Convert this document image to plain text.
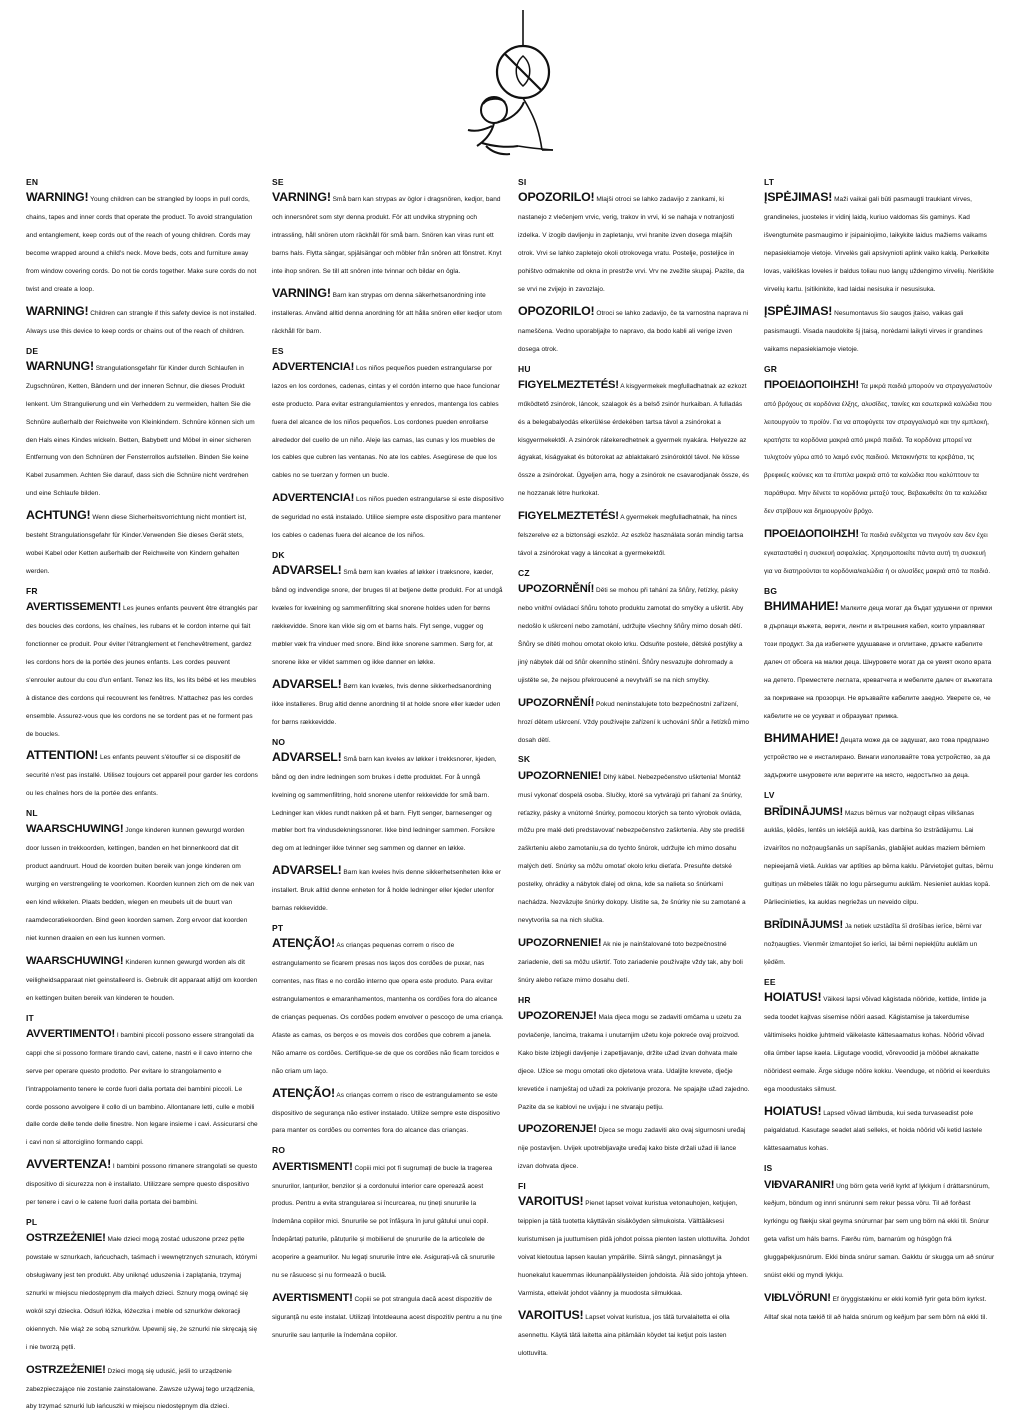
EN
WARNING! Young children can be strangled by loops in pull cords, chains, tapes and inner cords that operate the product. To avoid strangulation and entanglement, keep cords out of the reach of young children. Cords may become wrapped around a child's neck. Move beds, cots and furniture away from window covering cords. Do not tie cords together. Make sure cords do not twist and create a loop.
WARNING! Children can strangle if this safety device is not installed. Always use this device to keep cords or chains out of the reach of children.
DE
WARNUNG! Strangulationsgefahr für Kinder durch Schlaufen in Zugschnüren, Ketten, Bändern und der inneren Schnur, die dieses Produkt lenkent. Um Strangulierung und ein Verheddern zu vermeiden, halten Sie die Schnüre außerhalb der Reichweite von Kleinkindern. Schnüre können sich um den Hals eines Kindes wickeln. Betten, Babybett und Möbel in einer sicheren Entfernung von den Schnüren der Fensterrollos aufstellen. Binden Sie keine Kabel zusammen. Achten Sie darauf, dass sich die Schnüre nicht verdrehen und eine Schlaufe bilden.
ACHTUNG! Wenn diese Sicherheitsvorrichtung nicht montiert ist, besteht Strangulationsgefahr für Kinder.Verwenden Sie dieses Gerät stets, wobei Kabel oder Ketten außerhalb der Reichweite von Kindern gehalten werden.
FR
AVERTISSEMENT! Les jeunes enfants peuvent être étranglés par des boucles des cordons, les chaînes, les rubans et le cordon interne qui fait fonctionner ce produit. Pour éviter l'étranglement et l'enchevêtrement, gardez les cordons hors de la portée des jeunes enfants. Les cordes peuvent s'enrouler autour du cou d'un enfant. Tenez les lits, les lits bébé et les meubles à distance des cordons qui recouvrent les fenêtres. N'attachez pas les cordes ensemble. Assurez-vous que les cordons ne se tordent pas et ne forment pas de boucles.
ATTENTION! Les enfants peuvent s'étouffer si ce dispositif de securité n'est pas installé. Utilisez toujours cet appareil pour garder les cordons ou les chaînes hors de la portée des enfants.
NL
WAARSCHUWING! Jonge kinderen kunnen gewurgd worden door lussen in trekkoorden, kettingen, banden en het binnenkoord dat dit product aandruurt. Houd de koorden buiten bereik van jonge kinderen om wurging en verstrengeling te voorkomen. Koorden kunnen zich om de nek van een kind wikkelen. Plaats bedden, wiegen en meubels uit de buurt van raamdecoratiekoorden. Bind geen koorden samen. Zorg ervoor dat koorden niet kunnen draaien en een lus kunnen vormen.
WAARSCHUWING! Kinderen kunnen gewurgd worden als dit veiligheidsapparaat niet geinstalleerd is. Gebruik dit apparaat altijd om koorden en kettingen buiten bereik van kinderen te houden.
IT
AVVERTIMENTO! I bambini piccoli possono essere strangolati da cappi che si possono formare tirando cavi, catene, nastri e il cavo interno che serve per operare questo prodotto. Per evitare lo strangolamento e l'intrappolamento tenere le corde fuori dalla portata dei bambini piccoli. Le corde possono avvolgere il collo di un bambino. Allontanare letti, culle e mobili dalle corde delle tende delle finestre. Non legare insieme i cavi. Assicurarsi che i cavi non si attorciglino formando cappi.
AVVERTENZA! I bambini possono rimanere strangolati se questo dispositivo di sicurezza non è installato. Utilizzare sempre questo dispositivo per tenere i cavi o le catene fuori dalla portata dei bambini.
PL
OSTRZEŻENIE! Małe dzieci mogą zostać uduszone przez pętle powstałe w sznurkach, łańcuchach, taśmach i wewnętrznych sznurach, którymi obsługiwany jest ten produkt. Aby uniknąć uduszenia i zaplątania, trzymaj sznurki w miejscu niedostępnym dla małych dzieci. Sznury mogą owinąć się wokół szyi dziecka. Odsuń łóżka, łóżeczka i meble od sznurków dekoracji okiennych. Nie wiąż ze sobą sznurków. Upewnij się, że sznurki nie skręcają się i nie tworzą pętli.
OSTRZEŻENIE! Dzieci mogą się udusić, jeśli to urządzenie zabezpieczające nie zostanie zainstalowane. Zawsze używaj tego urządzenia, aby trzymać sznurki lub łańcuszki w miejscu niedostępnym dla dzieci.
SE
VARNING! Små barn kan strypas av öglor i dragsnören, kedjor, band och innersnöret som styr denna produkt. För att undvika strypning och intrassling, håll snören utom räckhåll för små barn. Snören kan viras runt ett barns hals. Flytta sängar, spjälsängar och möbler från snören att fönstret. Knyt inte ihop snören. Se till att snören inte tvinnar och bildar en ögla.
VARNING! Barn kan strypas om denna säkerhetsanordning inte installeras. Använd alltid denna anordning för att hålla snören eller kedjor utom räckhåll för barn.
ES
ADVERTENCIA! Los niños pequeños pueden estrangularse por lazos en los cordones, cadenas, cintas y el cordón interno que hace funcionar este producto. Para evitar estrangulamientos y enredos, mantenga los cables fuera del alcance de los niños pequeños. Los cordones pueden enrollarse alrededor del cuello de un niño. Aleje las camas, las cunas y los muebles de los cables que cubren las ventanas. No ate los cables. Asegúrese de que los cables no se tuerzan y formen un bucle.
ADVERTENCIA! Los niños pueden estrangularse si este dispositivo de seguridad no está instalado. Utilice siempre este dispositivo para mantener los cables o cadenas fuera del alcance de los niños.
DK
ADVARSEL! Små børn kan kvæles af løkker i træksnore, kæder, bånd og indvendige snore, der bruges til at betjene dette produkt. For at undgå kvæles for kvælning og sammenfiltring skal snorene holdes uden for børns rækkevidde. Snore kan vikle sig om et barns hals. Flyt senge, vugger og møbler væk fra vinduer med snore. Bind ikke snorene sammen. Sørg for, at snorene ikke er viklet sammen og ikke danner en løkke.
ADVARSEL! Børn kan kvæles, hvis denne sikkerhedsanordning ikke installeres. Brug altid denne anordning til at holde snore eller kæder uden for børns rækkevidde.
NO
ADVARSEL! Små barn kan kveles av løkker i trekksnorer, kjeden, bånd og den indre ledningen som brukes i dette produktet. For å unngå kvelning og sammenfiltring, hold snorene utenfor rekkevidde for små barn. Ledninger kan vikles rundt nakken på et barn. Flytt senger, barnesenger og møbler bort fra vindusdekningssnorer. Ikke bind ledninger sammen. Forsikre deg om at ledninger ikke tvinner seg sammen og danner en løkke.
ADVARSEL! Barn kan kveles hvis denne sikkerhetsenheten ikke er installert. Bruk alltid denne enheten for å holde ledninger eller kjeder utenfor barnas rekkevidde.
PT
ATENÇÃO! As crianças pequenas correm o risco de estrangulamento se ficarem presas nos laços dos cordões de puxar, nas correntes, nas fitas e no cordão interno que opera este produto. Para evitar estrangulamentos e emaranhamentos, mantenha os cordões fora do alcance de crianças pequenas. Os cordões podem envolver o pescoço de uma criança. Afaste as camas, os berços e os moveis dos cordões que cobrem a janela. Não amarre os cordões. Certifique-se de que os cordões não ficam torcidos e não criam um laço.
ATENÇÃO! As crianças correm o risco de estrangulamento se este dispositivo de segurança não estiver instalado. Utilize sempre este dispositivo para manter os cordões ou correntes fora do alcance das crianças.
RO
AVERTISMENT! Copiii mici pot fi sugrumați de bucle la tragerea snururilor, lanțurilor, benzilor și a cordonului interior care operează acest produs. Pentru a evita strangularea si încurcarea, nu țineți snururile la îndemâna copiilor mici. Snururile se pot înfășura în jurul gâtului unui copil. Îndepărtați paturile, pătuțurile și mobilierul de șnururile de la articolele de acoperire a geamurilor. Nu legați snururile între ele. Asigurați-vă că snururile nu se răsucesc și nu formează o buclă.
AVERTISMENT! Copiii se pot strangula dacă acest dispozitiv de siguranță nu este instalat. Utilizați întotdeauna acest dispozitiv pentru a nu ține snururile sau lanțurile la îndemâna copiilor.
SI
OPOZORILO! Mlajši otroci se lahko zadavijo z zankami, ki nastanejo z vlečenjem vrvic, verig, trakov in vrvi, ki se nahaja v notranjosti izdelka. V izogib davljenju in zapletanju, vrvi hranite izven dosega mlajših otrok. Vrvi se lahko zapletejo okoli otrokovega vratu. Postelje, posteljice in pohištvo odmaknite od okna in prestrže vrvi. Vrv ne zvežite skupaj. Pazite, da se vrvi ne zvijejo in zavozlajo.
OPOZORILO! Otroci se lahko zadavijo, če ta varnostna naprava ni nameščena. Vedno uporabljajte to napravo, da bodo kabli ali verige izven dosega otrok.
HU
FIGYELMEZTETÉS! A kisgyermekek megfulladhatnak az ezkozt működtető zsinórok, láncok, szalagok és a belső zsinór hurkaiban. A fulladás és a belegabalyodás elkerülése érdekében tartsa távol a zsinórokat a kisgyermekektől. A zsinórok rátekeredhetnek a gyermek nyakára. Helyezze az ágyakat, kiságyakat és bútorokat az ablaktakaró zsinóroktól távol. Ne kösse össze a zsinórokat. Ügyeljen arra, hogy a zsinórok ne csavarodjanak össze, és ne hozzanak létre hurkokat.
FIGYELMEZTETÉS! A gyermekek megfulladhatnak, ha nincs felszerelve ez a biztonsági eszköz. Az eszköz használata során mindig tartsa távol a zsinórokat vagy a láncokat a gyermekektől.
CZ
UPOZORNĚNÍ! Děti se mohou při tahání za šňůry, řetízky, pásky nebo vnitřní ovládací šňůru tohoto produktu zamotat do smyčky a uškrtit. Aby nedošlo k uškrcení nebo zamotání, udržujte všechny šňůry mimo dosah dětí. Šňůry se dítěti mohou omotat okolo krku. Odsuňte postele, dětské postýlky a jiný nábytek dál od šňůr okenního stínění. Šňůry nesvazujte dohromady a ujistěte se, že nejsou překroucené a nevytváří se na nich smyčky.
UPOZORNĚNÍ! Pokud neninstalujete toto bezpečnostní zařízení, hrozí dětem uškrcení. Vždy používejte zařízení k uchování šňůr a řetízků mimo dosah dětí.
SK
UPOZORNENIE! Dlhý kábel. Nebezpečenstvo uškrtenia! Montáž musí vykonať dospelá osoba. Slučky, ktoré sa vytvárajú pri ťahaní za šnúrky, reťazky, pásky a vnútorné šnúrky, pomocou ktorých sa tento výrobok ovláda, môžu pre malé deti predstavovať nebezpečenstvo zaškrtenia. Aby ste predišli zaškrteniu alebo zamotaniu,sa do tychto šnúrok, udržujte ich mimo dosahu malých detí. Snúrky sa môžu omotať okolo krku dieťaťa. Presuňte detské postelky, ohrádky a nábytok ďalej od okna, kde sa nalieta so šnúrkami nachádza. Nezväzujte šnúrky dokopy. Uistite sa, že šnúrky nie su zamotané a nevytvorila sa na nich slučka.
UPOZORNENIE! Ak nie je nainštalované toto bezpečnostné zariadenie, deti sa môžu uškrtiť. Toto zariadenie používajte vždy tak, aby boli šnúry alebo reťaze mimo dosahu detí.
HR
UPOZORENJE! Mala djeca mogu se zadaviti omčama u uzetu za povlačenje, lancima, trakama i unutarnjim užetu koje pokreće ovaj proizvod. Kako biste izbjegli davljenje i zapetljavanje, držite užad izvan dohvata male djece. Užice se mogu omotati oko djetetova vrata. Udaljite krevete, dječje krevetiće i namještaj od užadi za pokrivanje prozora. Ne spajajte užad zajedno. Pazite da se kablovi ne uvijaju i ne stvaraju petlju.
UPOZORENJE! Djeca se mogu zadaviti ako ovaj sigurnosni uređaj nije postavljen. Uvijek upotrebljavajte uređaj kako biste držali užad ili lance izvan dohvata djece.
FI
VAROITUS! Pienet lapset voivat kuristua vetonauhojen, ketjujen, teippien ja tätä tuotetta käyttävän sisäköyden silmukoista. Välttääksesi kuristumisen ja juuttumisen pidä johdot poissa pienten lasten ulottuvilta. Johdot voivat kietoutua lapsen kaulan ympärille. Siirrä sängyt, pinnasängyt ja huonekalut kauemmas ikkunanpäällysteiden johdoista. Älä sido johtoja yhteen. Varmista, etteivät johdot väänny ja muodosta silmukkaa.
VAROITUS! Lapset voivat kuristua, jos tätä turvalaitetta ei olla asennettu. Käytä tätä laitetta aina pitämään köydet tai ketjut pois lasten ulottuvilta.
LT
ĮSPĖJIMAS! Maži vaikai gali būti pasmaugti traukiant virves, grandineles, juosteles ir vidinį laidą, kuriuo valdomas šis gaminys. Kad išvengtumėte pasmaugimo ir įsipainiojimo, laikykite laidus mažiems vaikams nepasiekiamoje vietoje. Virvelės gali apsivynioti aplink vaiko kaklą. Perkelkite lovas, vaikiškas loveles ir baldus toliau nuo langų uždengimo virvelių. Neriškite virvelių kartu. Įsitikinkite, kad laidai nesisuka ir nesusisuka.
ĮSPĖJIMAS! Nesumontavus šio saugos įtaiso, vaikas gali pasismaugti. Visada naudokite šį įtaisą, norėdami laikyti virves ir grandines vaikams nepasiekiamoje vietoje.
GR
ΠΡΟΕΙΔΟΠΟΙΗΣΗ! Τα μικρά παιδιά μπορούν να στραγγαλιστούν από βρόχους σε κορδόνια έλξης, αλυσίδες, ταινίες και εσωτερικά καλώδια που λειτουργούν το προϊόν. Για να αποφύγετε τον στραγγαλισμό και την εμπλοκή, κρατήστε τα κορδόνια μακριά από μικρά παιδιά. Τα κορδόνια μπορεί να τυλιχτούν γύρω από το λαιμό ενός παιδιού. Μετακινήστε τα κρεβάτια, τις βρεφικές κούνιες και τα έπιπλα μακριά από τα καλώδια που καλύπτουν τα παράθυρα. Μην δένετε τα κορδόνια μεταξύ τους. Βεβαιωθείτε ότι τα καλώδια δεν στρίβουν και δημιουργούν βρόχο.
ΠΡΟΕΙΔΟΠΟΙΗΣΗ! Τα παιδιά ενδέχεται να πνιγούν εαν δεν έχει εγκατασταθεί η συσκευή ασφαλείας. Χρησιμοποιείτε πάντα αυτή τη συσκευή για να διατηρούνται τα κορδόνια/καλώδια ή οι αλυσίδες μακριά από τα παιδιά.
BG
ВНИМАНИЕ! Малките деца могат да бъдат удушени от примки в дърпащи въжета, вериги, ленти и вътрешния кабел, които управляват този продукт. За да избегнете удушаване и оплитане, дръжте кабелите далеч от обсега на малки деца. Шнуровете могат да се увият около врата на детето. Преместете леглата, креватчета и мебелите далеч от въжетата за покриване на прозорци. Не връзвайте кабелите заедно. Уверете се, че кабелите не се усукват и образуват примка.
ВНИМАНИЕ! Децата може да се задушат, ако това предпазно устройство не е инсталирано. Винаги използвайте това устройство, за да задържите шнуровете или веригите на място, недостъпно за деца.
LV
BRĪDINĀJUMS! Mazus bērnus var nožņaugt cilpas vilkšanas auklās, ķēdēs, lentēs un iekšējā auklā, kas darbina šo izstrādājumu. Lai izvairītos no nožņaugšanās un sapīšanās, glabājiet auklas maziem bērniem nepieejamā vietā. Auklas var aptīties ap bērna kaklu. Pārvietojiet gultas, bērnu gultiņas un mēbeles tālāk no logu pārsegumu auklām. Nesieniet auklas kopā. Pārliecinieties, ka auklas negriežas un neveido cilpu.
BRĪDINĀJUMS! Ja netiek uzstādīta šī drošības ierīce, bērni var nožņaugties. Vienmēr izmantojiet šo ierīci, lai bērni nepiekļūtu auklām un ķēdēm.
EE
HOIATUS! Väikesi lapsi võivad kägistada nööride, kettide, lintide ja seda toodet kajtvas sisemise nööri aasad. Kägistamise ja takerdumise vältimiseks hoidke juhtmeid väikelaste kättesaamatus kohas. Nöörid võivad olla ümber lapse kaela. Liigutage voodid, võrevoodid ja mööbel aknakatte nööridest eemale. Ärge siduge nööre kokku. Veenduge, et nöörid ei keerduks ega moodustaks silmust.
HOIATUS! Lapsed võivad lämbuda, kui seda turvaseadist pole paigaldatud. Kasutage seadet alati selleks, et hoida nöörid või ketid lastele kättesaamatus kohas.
IS
VIÐVARANIR! Ung börn geta verið kyrkt af lykkjum í dráttarsnúrum, keðjum, böndum og innri snúrunni sem rekur þessa vöru. Til að forðast kyrkingu og flækju skal geyma snúrurnar þar sem ung börn ná ekki til. Snúrur geta vafist um háls barns. Færðu rúm, barnarúm og húsgögn frá gluggaþekjusnúrum. Ekki binda snúrur saman. Gakktu úr skugga um að snúrur snúist ekki og myndi lykkju.
VIÐLVÖRUN! Ef öryggistækinu er ekki komið fyrir geta börn kyrkst. Alltaf skal nota tækið til að halda snúrum og keðjum þar sem börn ná ekki til.
